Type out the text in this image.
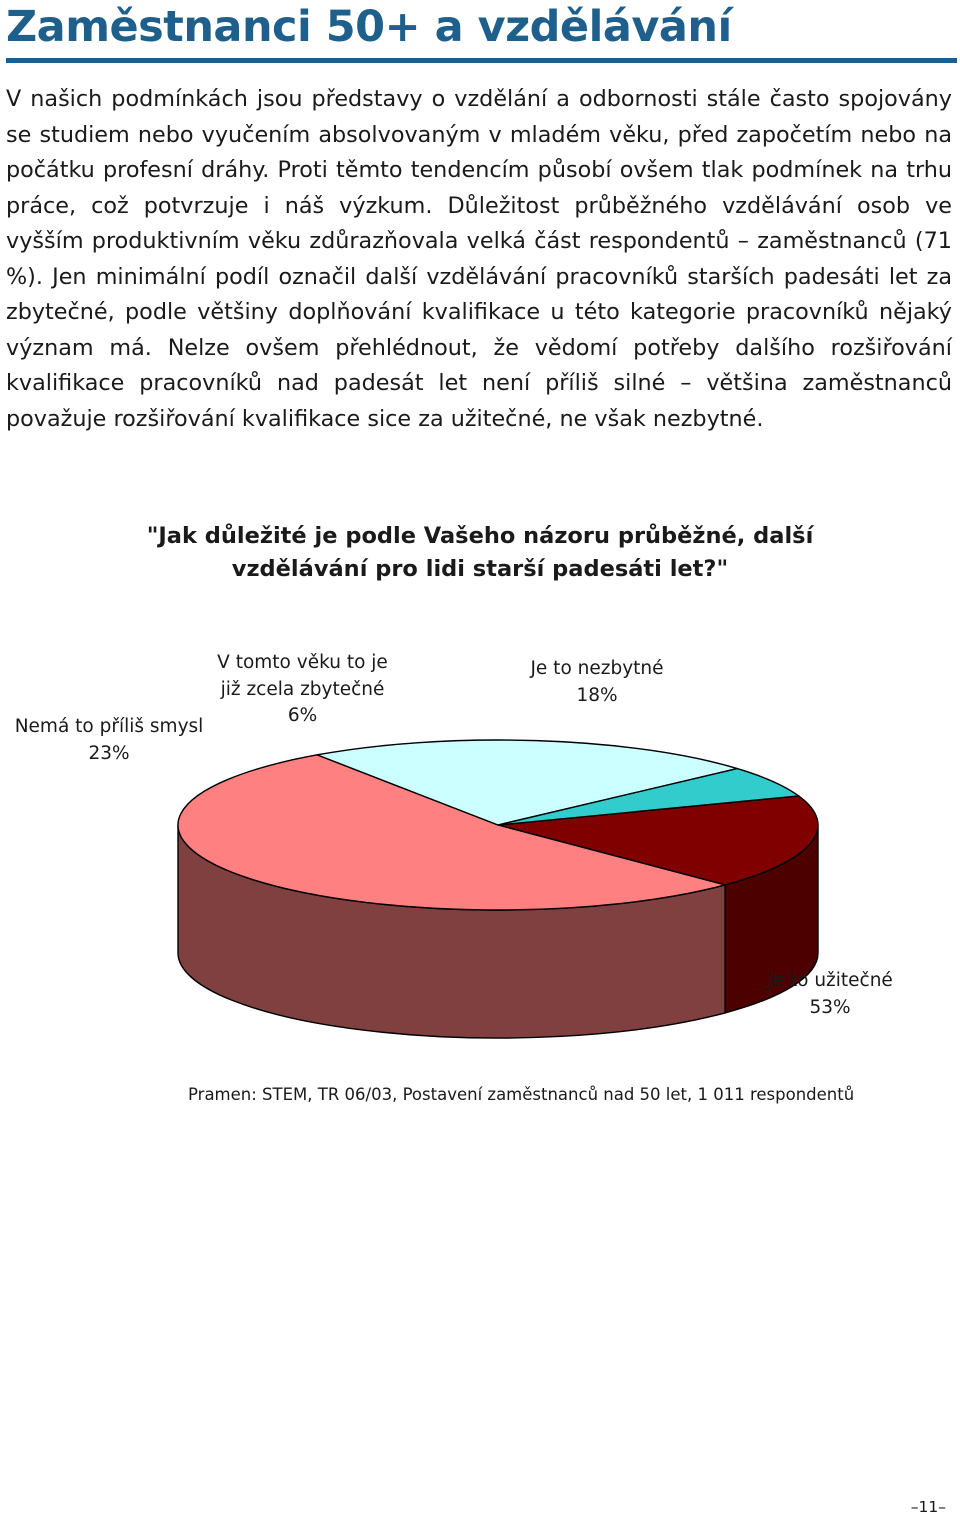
Zaměstnanci 50+ a vzdělávání

V našich podmínkách jsou představy o vzdělání a odbornosti stále často spojovány se studiem nebo vyučením absolvovaným v mladém věku, před započetím nebo na počátku profesní dráhy. Proti těmto tendencím působí ovšem tlak podmínek na trhu práce, což potvrzuje i náš výzkum. Důležitost průběžného vzdělávání osob ve vyšším produktivním věku zdůrazňovala velká část respondentů – zaměstnanců (71 %). Jen minimální podíl označil další vzdělávání pracovníků starších padesáti let za zbytečné, podle většiny doplňování kvalifikace u této kategorie pracovníků nějaký význam má. Nelze ovšem přehlédnout, že vědomí potřeby dalšího rozšiřování kvalifikace pracovníků nad padesát let není příliš silné – většina zaměstnanců považuje rozšiřování kvalifikace sice za užitečné, ne však nezbytné.

"Jak důležité je podle Vašeho názoru průběžné, další vzdělávání pro lidi starší padesáti let?"

V tomto věku to je již zcela zbytečné
6%
Je to nezbytné
18%
Nemá to příliš smysl
23%
Je to užitečné
53%

Pramen: STEM, TR 06/03, Postavení zaměstnanců nad 50 let, 1 011 respondentů

–11–
